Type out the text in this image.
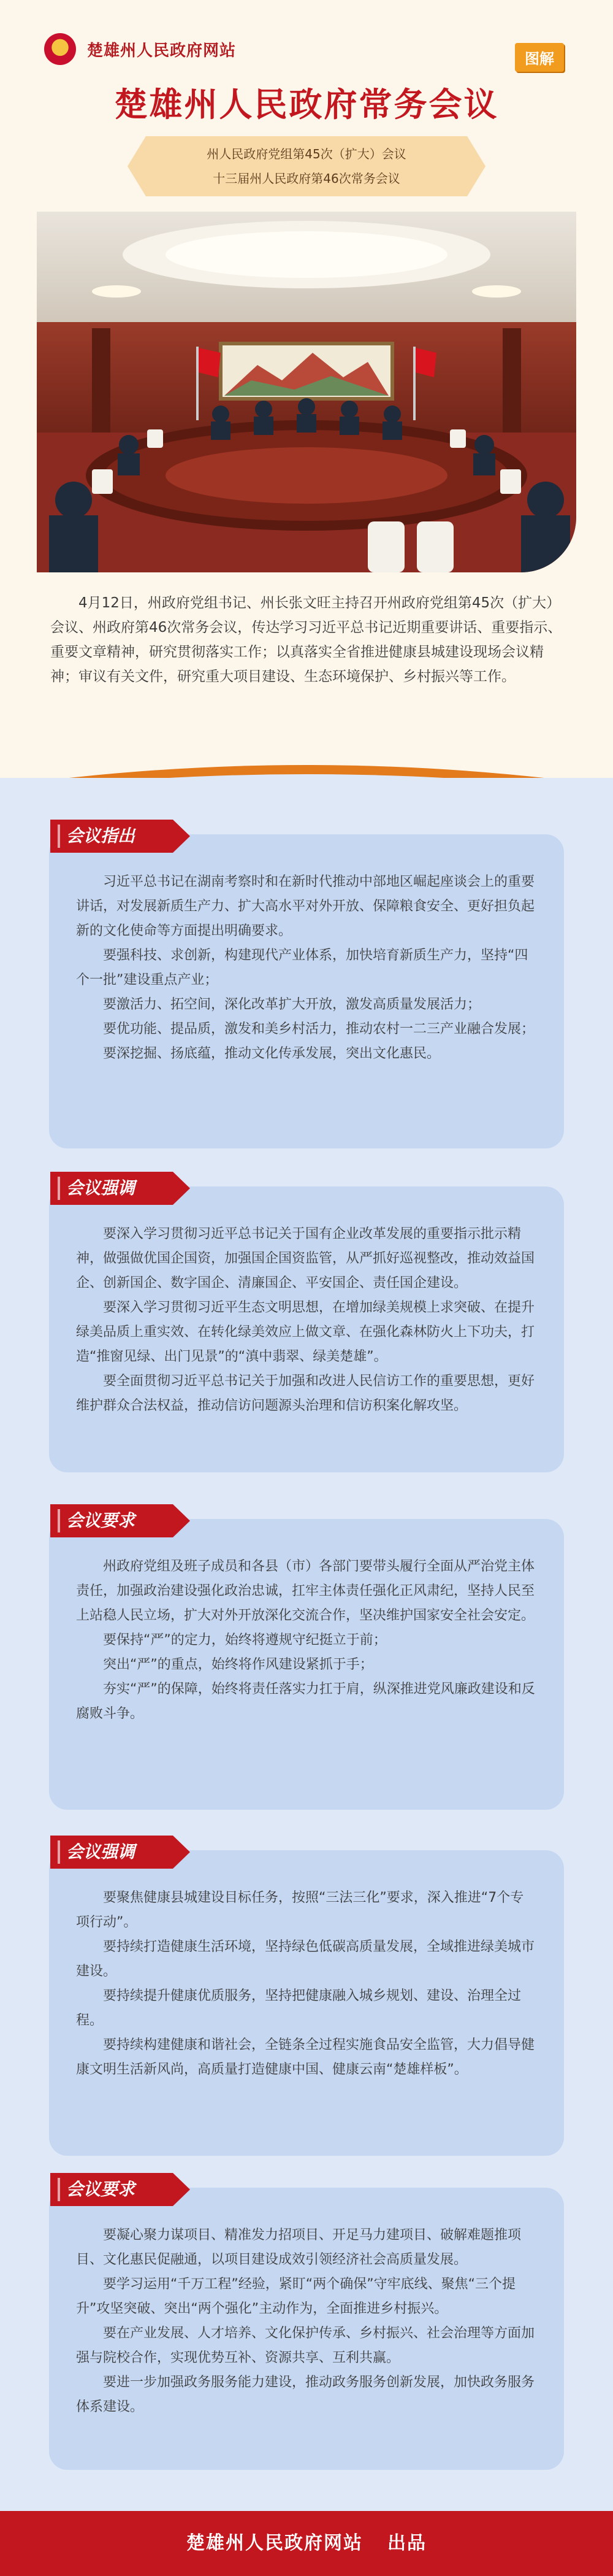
★	楚雄州人民政府网站	图解
楚雄州人民政府常务会议
州人民政府党组第45次（扩大）会议
十三届州人民政府第46次常务会议
4月12日，州政府党组书记、州长张文旺主持召开州政府党组第45次（扩大）会议、州政府第46次常务会议，传达学习习近平总书记近期重要讲话、重要指示、重要文章精神，研究贯彻落实工作；以真落实全省推进健康县城建设现场会议精神；审议有关文件，研究重大项目建设、生态环境保护、乡村振兴等工作。

习近平总书记在湖南考察时和在新时代推动中部地区崛起座谈会上的重要讲话，对发展新质生产力、扩大高水平对外开放、保障粮食安全、更好担负起新的文化使命等方面提出明确要求。

要强科技、求创新，构建现代产业体系，加快培育新质生产力，坚持“四个一批”建设重点产业；

要激活力、拓空间，深化改革扩大开放，激发高质量发展活力；

要优功能、提品质，激发和美乡村活力，推动农村一二三产业融合发展；

要深挖掘、扬底蕴，推动文化传承发展，突出文化惠民。

会议指出

要深入学习贯彻习近平总书记关于国有企业改革发展的重要指示批示精神，做强做优国企国资，加强国企国资监管，从严抓好巡视整改，推动效益国企、创新国企、数字国企、清廉国企、平安国企、责任国企建设。

要深入学习贯彻习近平生态文明思想，在增加绿美规模上求突破、在提升绿美品质上重实效、在转化绿美效应上做文章、在强化森林防火上下功夫，打造“推窗见绿、出门见景”的“滇中翡翠、绿美楚雄”。

要全面贯彻习近平总书记关于加强和改进人民信访工作的重要思想，更好维护群众合法权益，推动信访问题源头治理和信访积案化解攻坚。

会议强调

州政府党组及班子成员和各县（市）各部门要带头履行全面从严治党主体责任，加强政治建设强化政治忠诚，扛牢主体责任强化正风肃纪，坚持人民至上站稳人民立场，扩大对外开放深化交流合作，坚决维护国家安全社会安定。

要保持“严”的定力，始终将遵规守纪挺立于前；

突出“严”的重点，始终将作风建设紧抓于手；

夯实“严”的保障，始终将责任落实力扛于肩，纵深推进党风廉政建设和反腐败斗争。

会议要求

要聚焦健康县城建设目标任务，按照“三法三化”要求，深入推进“7个专项行动”。

要持续打造健康生活环境，坚持绿色低碳高质量发展，全域推进绿美城市建设。

要持续提升健康优质服务，坚持把健康融入城乡规划、建设、治理全过程。

要持续构建健康和谐社会，全链条全过程实施食品安全监管，大力倡导健康文明生活新风尚，高质量打造健康中国、健康云南“楚雄样板”。

会议强调

要凝心聚力谋项目、精准发力招项目、开足马力建项目、破解难题推项目、文化惠民促融通，以项目建设成效引领经济社会高质量发展。

要学习运用“千万工程”经验，紧盯“两个确保”守牢底线、聚焦“三个提升”攻坚突破、突出“两个强化”主动作为，全面推进乡村振兴。

要在产业发展、人才培养、文化保护传承、乡村振兴、社会治理等方面加强与院校合作，实现优势互补、资源共享、互利共赢。

要进一步加强政务服务能力建设，推动政务服务创新发展，加快政务服务体系建设。

会议要求
楚雄州人民政府网站 出品
